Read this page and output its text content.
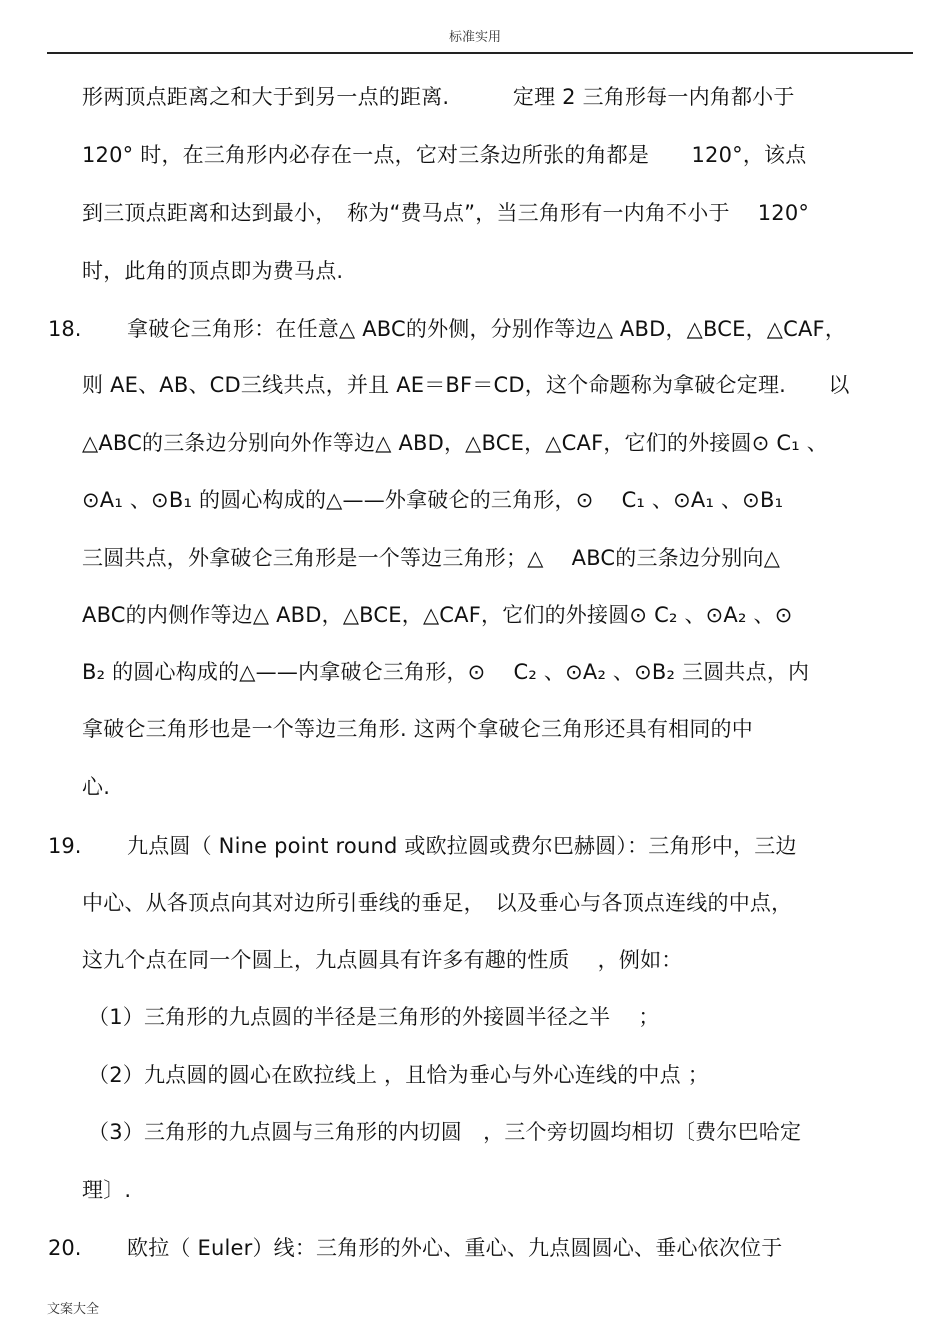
标准实用
形两顶点距离之和大于到另一点的距离.　　　定理 2 三角形每一内角都小于
120° 时，在三角形内必存在一点，它对三条边所张的角都是　　120°，该点
到三顶点距离和达到最小，　称为“费马点”，当三角形有一内角不小于　 120°
时，此角的顶点即为费马点.
18. 拿破仑三角形：在任意△ ABC的外侧，分别作等边△ ABD，△BCE，△CAF，
则 AE、AB、CD三线共点，并且 AE＝BF＝CD，这个命题称为拿破仑定理.　　以
△ABC的三条边分别向外作等边△ ABD，△BCE，△CAF，它们的外接圆⊙ C₁ 、
⊙A₁ 、⊙B₁ 的圆心构成的△——外拿破仑的三角形，⊙　 C₁ 、⊙A₁ 、⊙B₁
三圆共点，外拿破仑三角形是一个等边三角形；△　 ABC的三条边分别向△
ABC的内侧作等边△ ABD，△BCE，△CAF，它们的外接圆⊙ C₂ 、⊙A₂ 、⊙
B₂ 的圆心构成的△——内拿破仑三角形，⊙　 C₂ 、⊙A₂ 、⊙B₂ 三圆共点，内
拿破仑三角形也是一个等边三角形. 这两个拿破仑三角形还具有相同的中
心.
19. 九点圆（ Nine point round 或欧拉圆或费尔巴赫圆）：三角形中，三边
中心、从各顶点向其对边所引垂线的垂足，　以及垂心与各顶点连线的中点，
这九个点在同一个圆上，九点圆具有许多有趣的性质　 ，例如：
（1）三角形的九点圆的半径是三角形的外接圆半径之半　 ；
（2）九点圆的圆心在欧拉线上 ，且恰为垂心与外心连线的中点 ；
（3）三角形的九点圆与三角形的内切圆　，三个旁切圆均相切〔费尔巴哈定
理〕.
20. 欧拉（ Euler）线：三角形的外心、重心、九点圆圆心、垂心依次位于
文案大全
